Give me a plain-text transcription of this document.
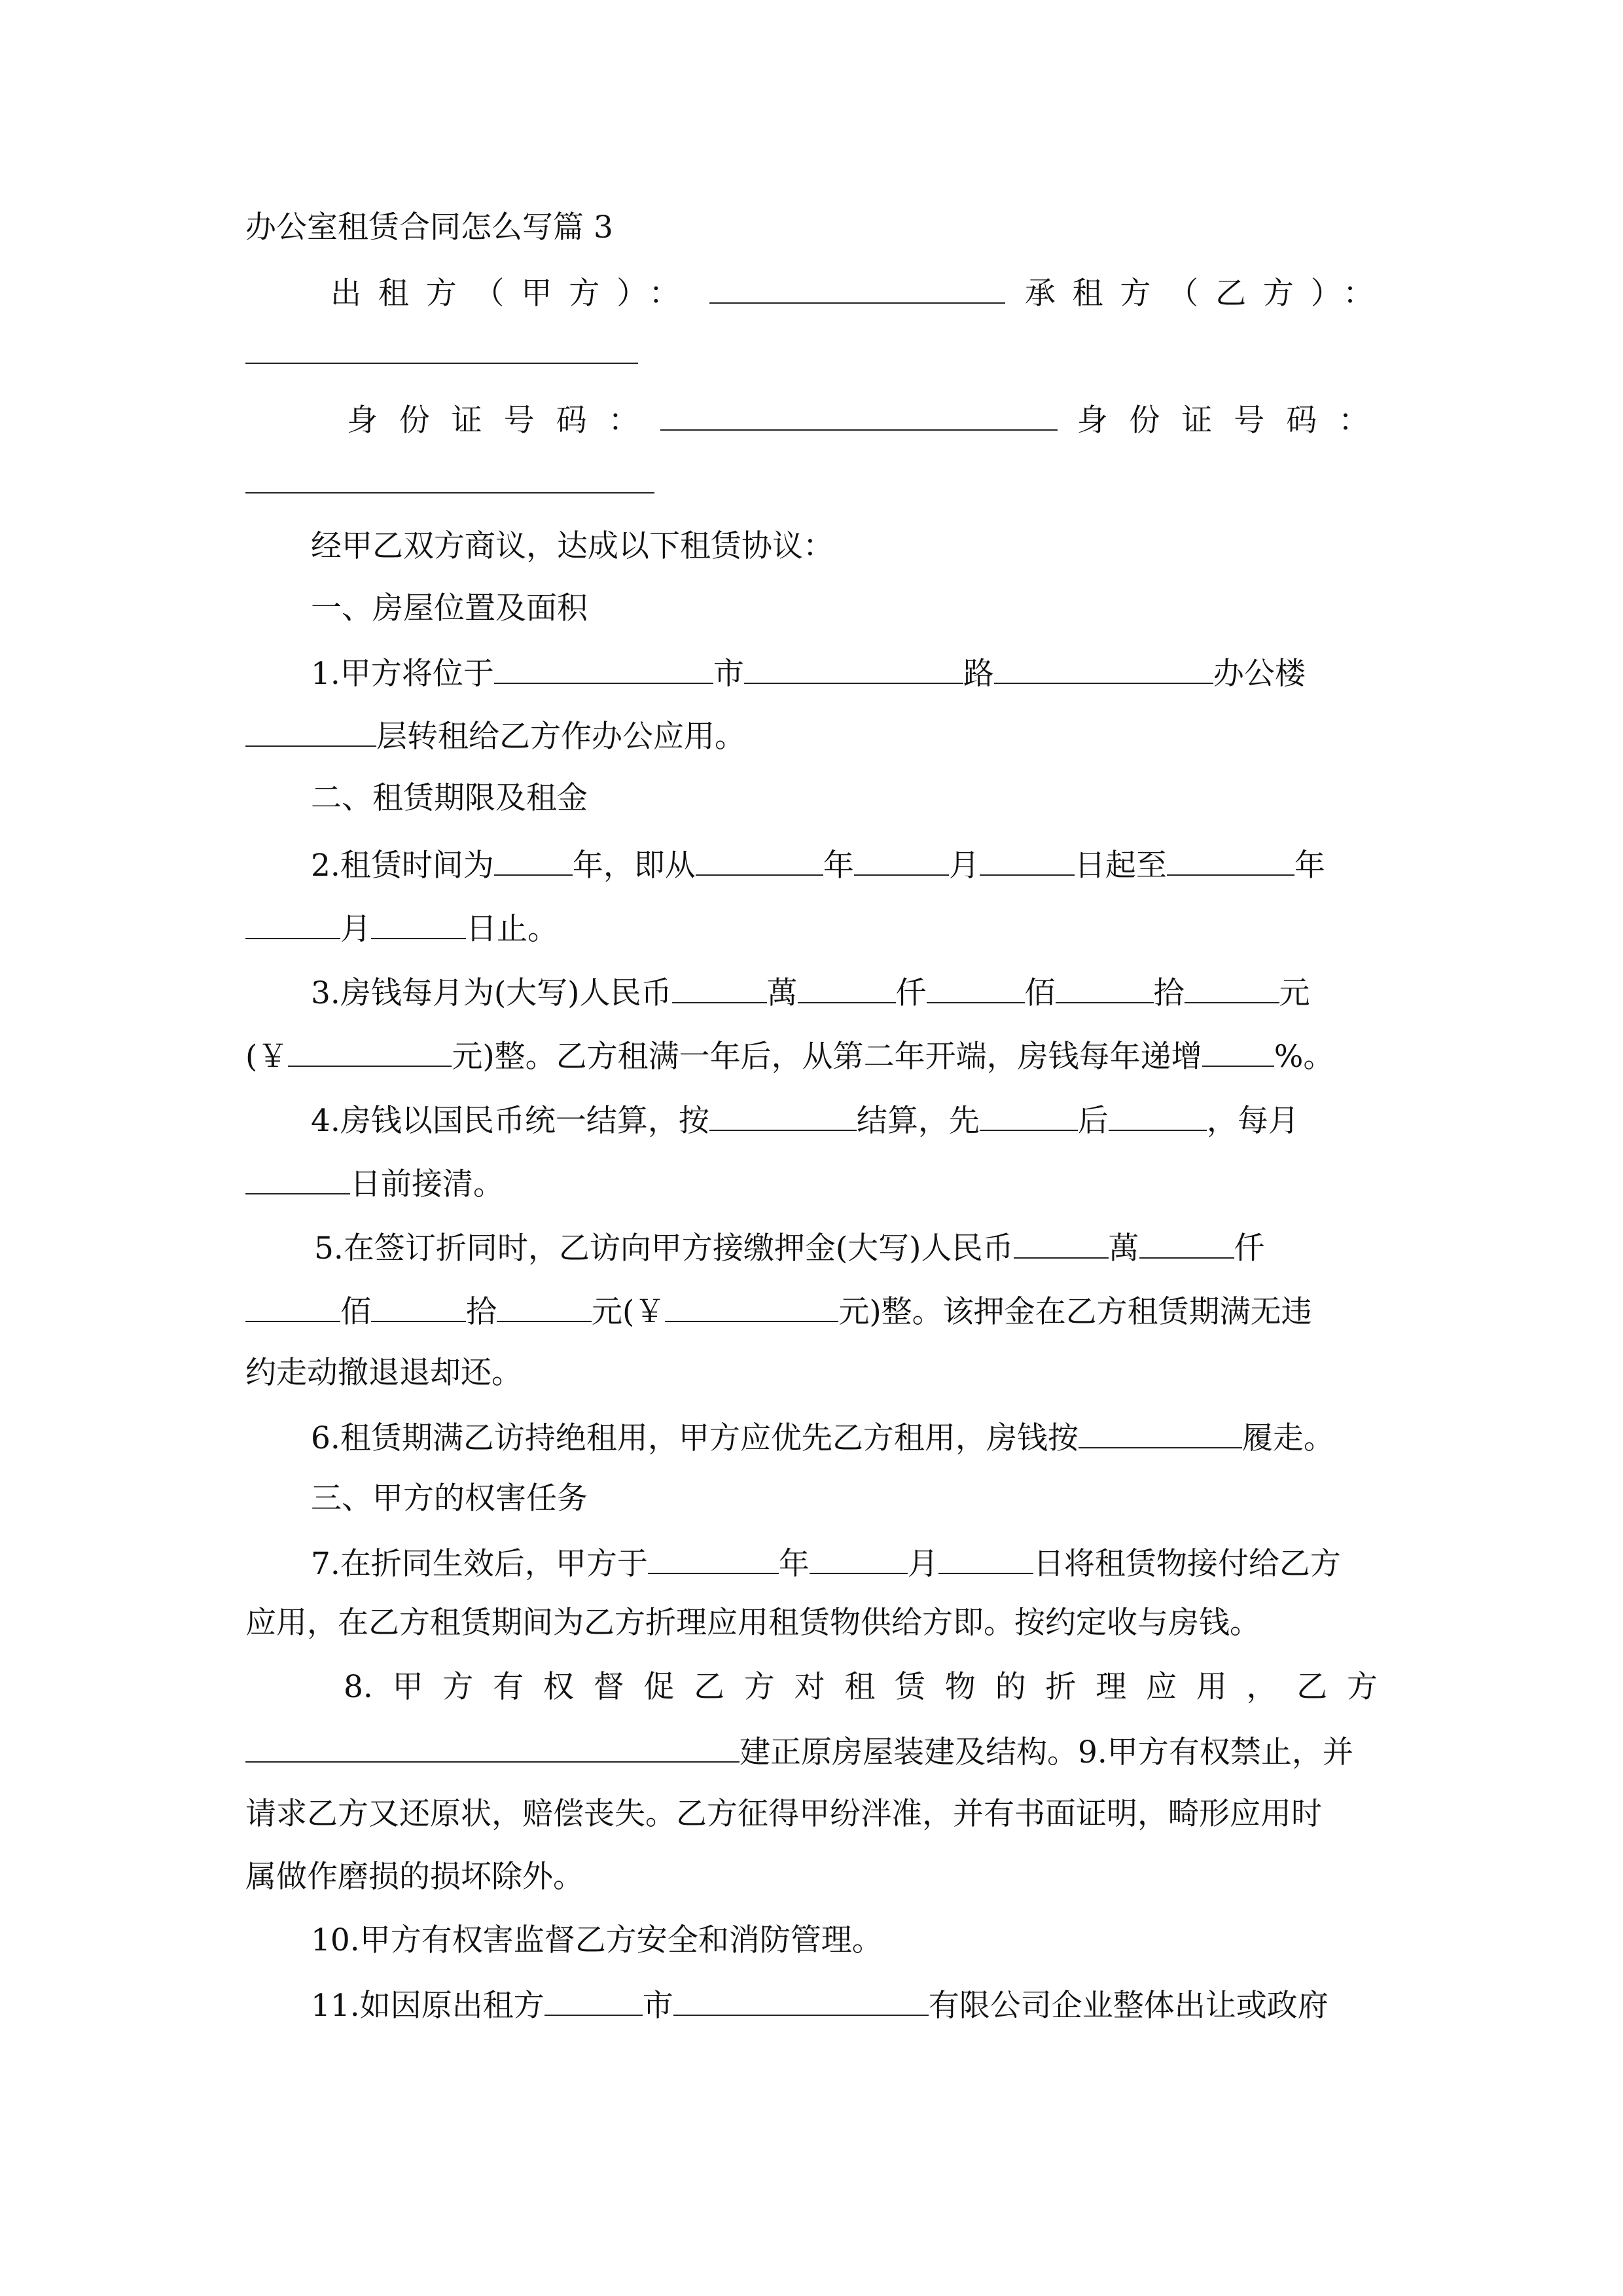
办公室租赁合同怎么写篇 3

出租方（甲方）：	承租方（乙方）：
身份证号码：	身份证号码：

经甲乙双方商议，达成以下租赁协议：

一、房屋位置及面积

1.甲方将位于	市	路	办公楼
层转租给乙方作办公应用。

二、租赁期限及租金

2.租赁时间为	年，即从	年	月	日起至	年
月	日止。
3.房钱每月为(大写)人民币	萬	仟	佰	拾	元
(￥	元)整。乙方租满一年后，从第二年开端，房钱每年递增 %。
4.房钱以国民币统一结算，按	结算，先	后	，每月
日前接清。
5.在签订折同时，乙访向甲方接缴押金(大写)人民币	萬	仟
佰	拾	元(￥	元)整。该押金在乙方租赁期满无违

约走动撤退退却还。

6.租赁期满乙访持绝租用，甲方应优先乙方租用，房钱按	履走。

三、甲方的权害任务

7.在折同生效后，甲方于	年	月	日将租赁物接付给乙方

应用，在乙方租赁期间为乙方折理应用租赁物供给方即。按约定收与房钱。

8.甲方有权督促乙方对租赁物的折理应用，乙方

建正原房屋装建及结构。9.甲方有权禁止，并

请求乙方又还原状，赔偿丧失。乙方征得甲纷泮准，并有书面证明，畸形应用时

属做作磨损的损坏除外。

10.甲方有权害监督乙方安全和消防管理。

11.如因原出租方	市	有限公司企业整体出让或政府
